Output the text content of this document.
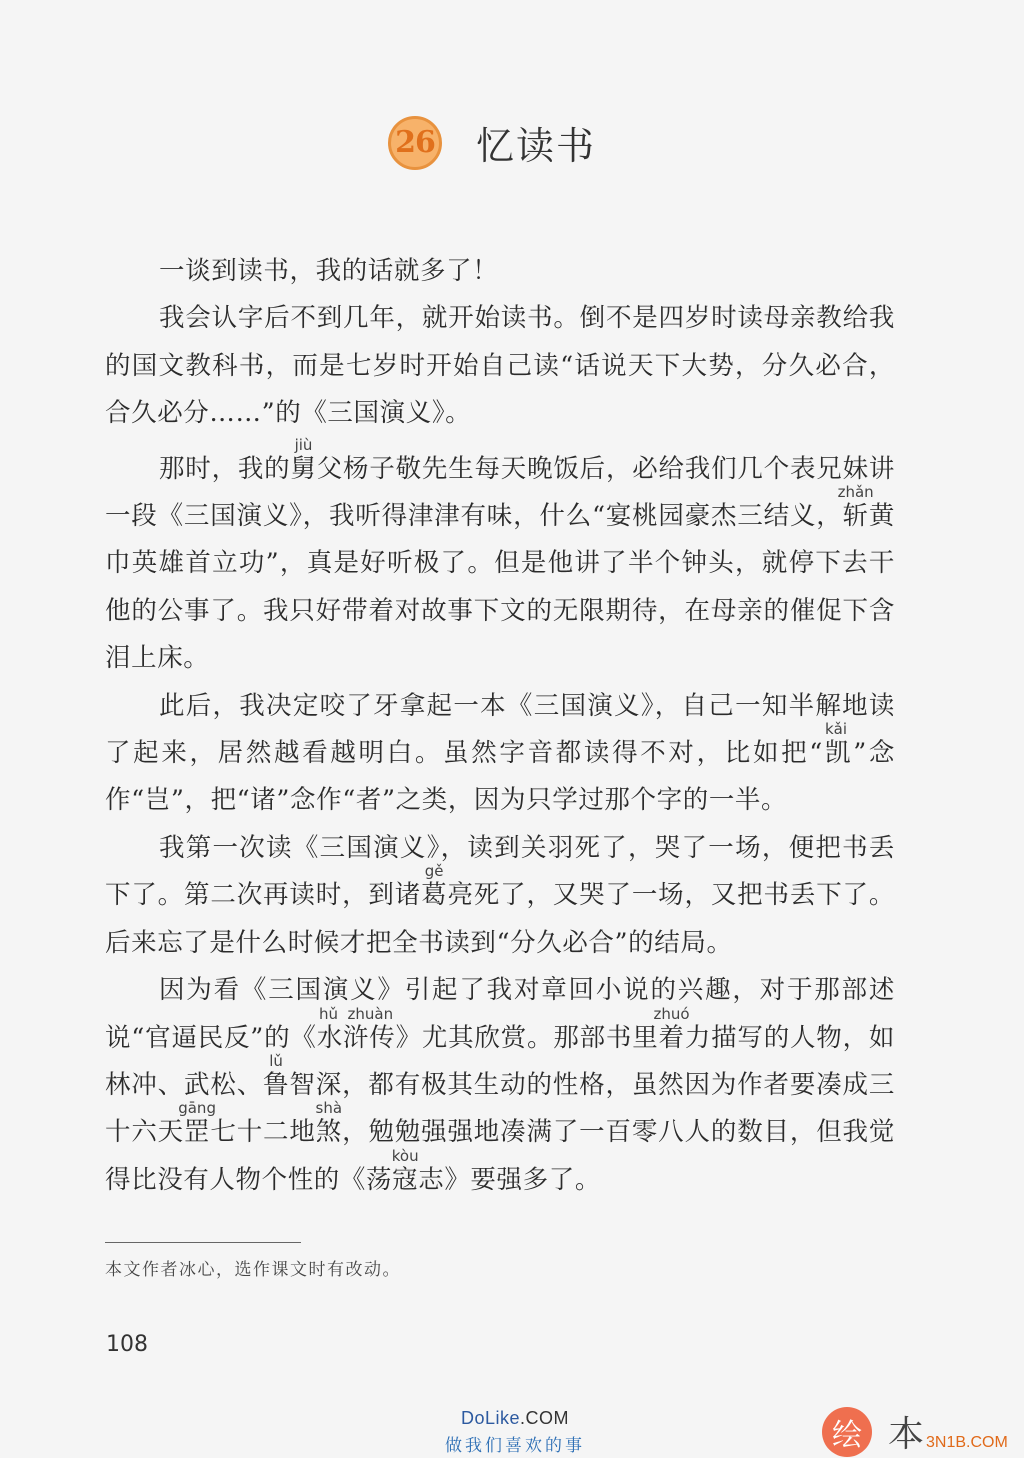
26 忆读书

一谈到读书，我的话就多了！

我会认字后不到几年，就开始读书。倒不是四岁时读母亲教给我的国文教科书，而是七岁时开始自己读“话说天下大势，分久必合，合久必分……”的《三国演义》。

那时，我的舅jiù父杨子敬先生每天晚饭后，必给我们几个表兄妹讲一段《三国演义》，我听得津津有味，什么“宴桃园豪杰三结义，斩zhǎn黄巾英雄首立功”，真是好听极了。但是他讲了半个钟头，就停下去干他的公事了。我只好带着对故事下文的无限期待，在母亲的催促下含泪上床。

此后，我决定咬了牙拿起一本《三国演义》，自己一知半解地读了起来，居然越看越明白。虽然字音都读得不对，比如把“凯kǎi”念作“岂”，把“诸”念作“者”之类，因为只学过那个字的一半。

我第一次读《三国演义》，读到关羽死了，哭了一场，便把书丢下了。第二次再读时，到诸葛gě亮死了，又哭了一场，又把书丢下了。后来忘了是什么时候才把全书读到“分久必合”的结局。

因为看《三国演义》引起了我对章回小说的兴趣，对于那部述说“官逼民反”的《水浒传hǔ zhuàn》尤其欣赏。那部书里着zhuó力描写的人物，如林冲、武松、鲁lǔ智深，都有极其生动的性格，虽然因为作者要凑成三十六天罡gāng七十二地煞shà，勉勉强强地凑满了一百零八人的数目，但我觉得比没有人物个性的《荡寇kòu志》要强多了。

本文作者冰心，选作课文时有改动。
108
DoLike.COM
做我们喜欢的事	绘 本 3N1B.COM
